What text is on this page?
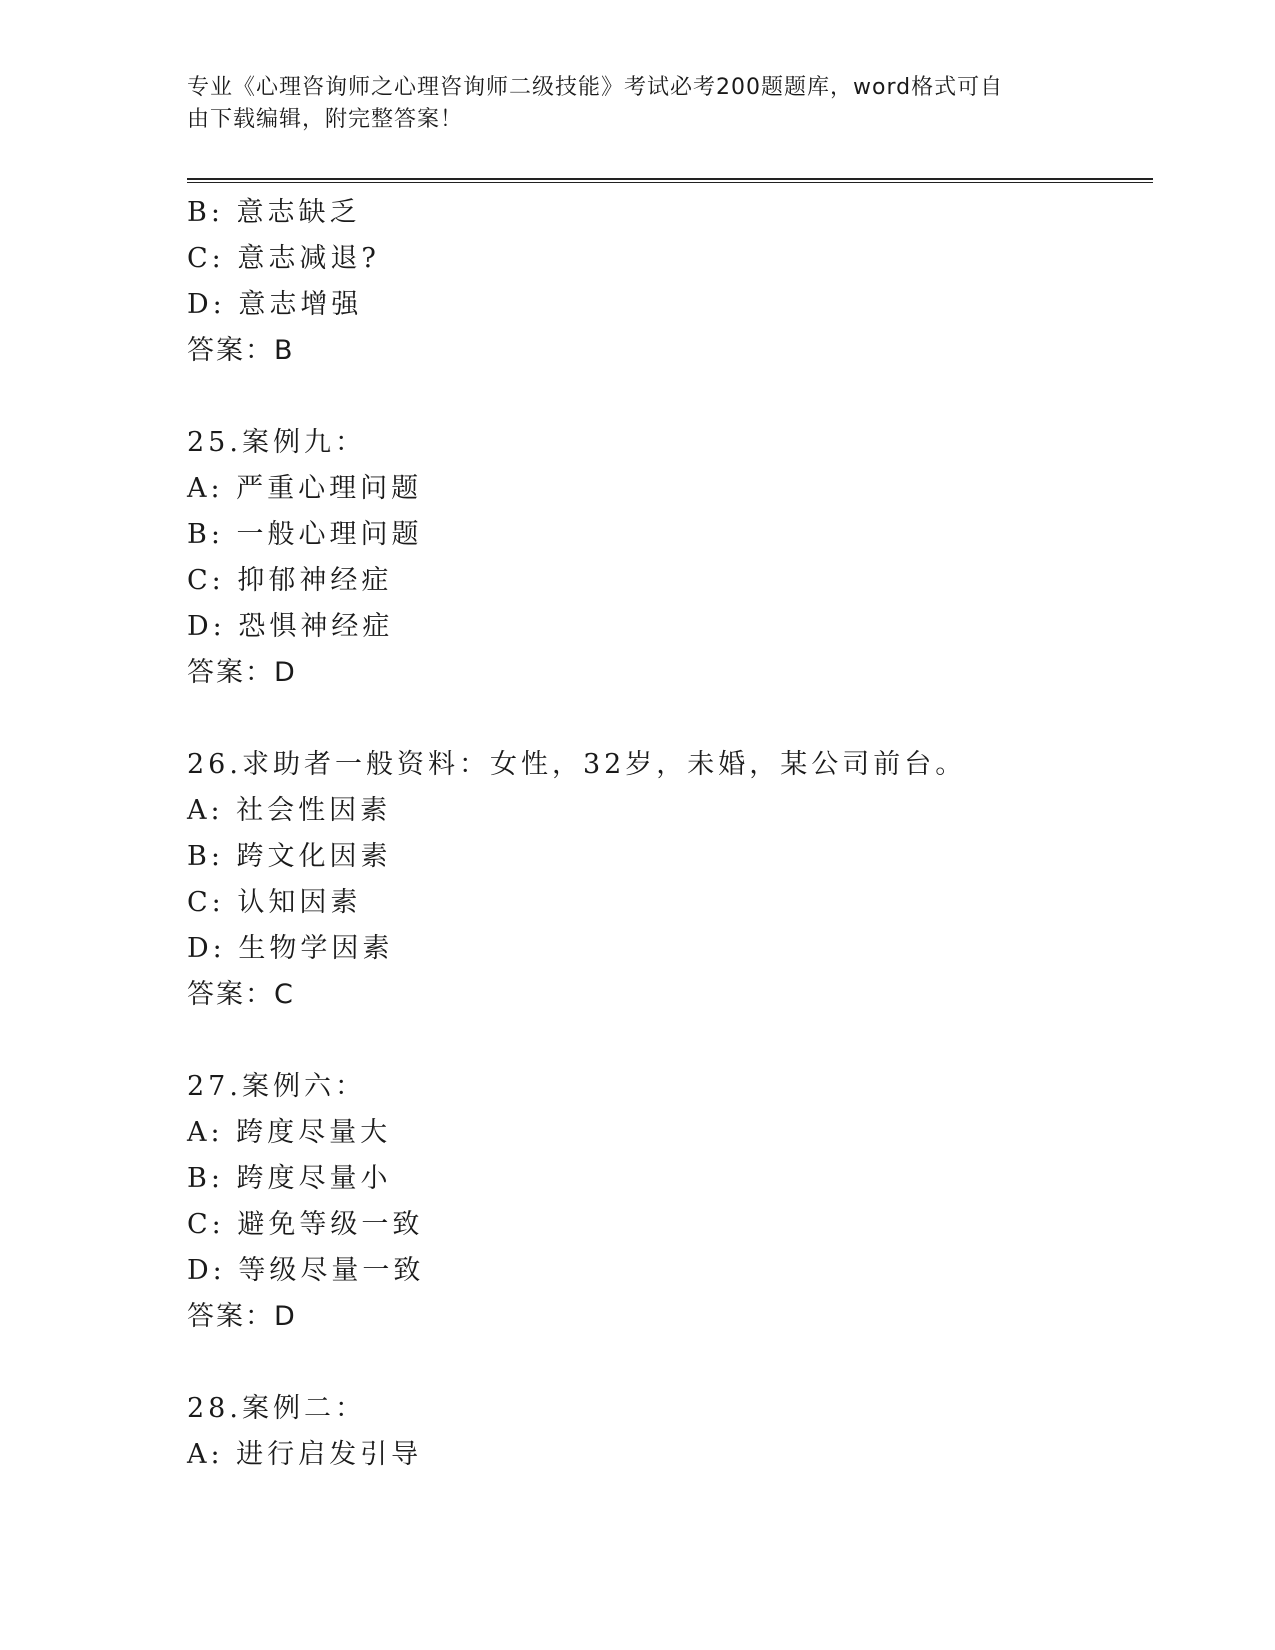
专业《心理咨询师之心理咨询师二级技能》考试必考200题题库，word格式可自
由下载编辑，附完整答案！
B: 意志缺乏
C: 意志减退?
D: 意志增强
答案：B
25.案例九：
A: 严重心理问题
B: 一般心理问题
C: 抑郁神经症
D: 恐惧神经症
答案：D
26.求助者一般资料：女性，32岁，未婚，某公司前台。
A: 社会性因素
B: 跨文化因素
C: 认知因素
D: 生物学因素
答案：C
27.案例六：
A: 跨度尽量大
B: 跨度尽量小
C: 避免等级一致
D: 等级尽量一致
答案：D
28.案例二：
A: 进行启发引导
